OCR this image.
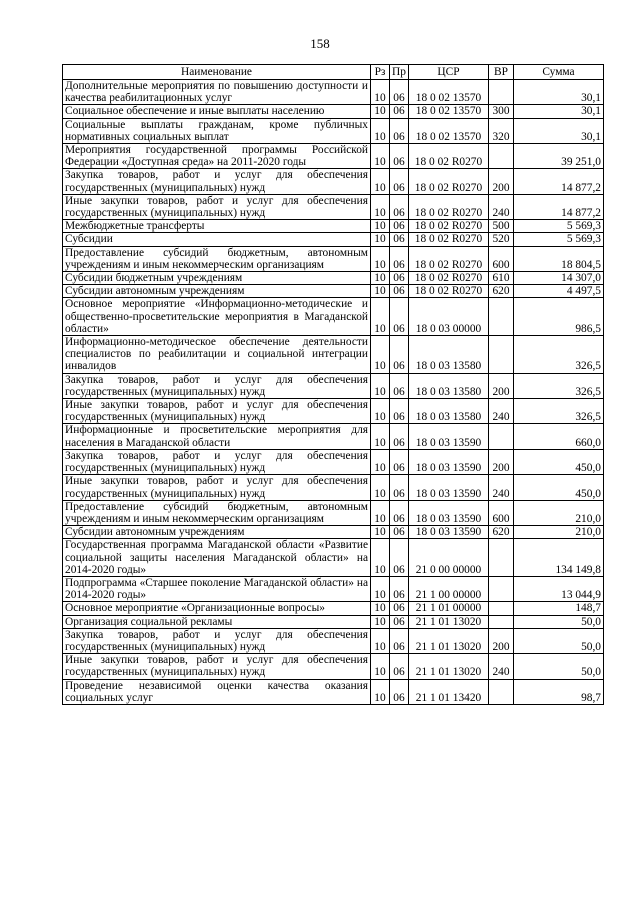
158
Наименование	Рз	Пр	ЦСР	ВР	Сумма
Дополнительные мероприятия по повышению доступности и качества реабилитационных услуг	10	06	18 0 02 13570		30,1
Социальное обеспечение и иные выплаты населению	10	06	18 0 02 13570	300	30,1
Социальные выплаты гражданам, кроме публичных нормативных социальных выплат	10	06	18 0 02 13570	320	30,1
Мероприятия государственной программы Российской Федерации «Доступная среда» на 2011-2020 годы	10	06	18 0 02 R0270		39 251,0
Закупка товаров, работ и услуг для обеспечения государственных (муниципальных) нужд	10	06	18 0 02 R0270	200	14 877,2
Иные закупки товаров, работ и услуг для обеспечения государственных (муниципальных) нужд	10	06	18 0 02 R0270	240	14 877,2
Межбюджетные трансферты	10	06	18 0 02 R0270	500	5 569,3
Субсидии	10	06	18 0 02 R0270	520	5 569,3
Предоставление субсидий бюджетным, автономным учреждениям и иным некоммерческим организациям	10	06	18 0 02 R0270	600	18 804,5
Субсидии бюджетным учреждениям	10	06	18 0 02 R0270	610	14 307,0
Субсидии автономным учреждениям	10	06	18 0 02 R0270	620	4 497,5
Основное мероприятие «Информационно-методические и общественно-просветительские мероприятия в Магаданской области»	10	06	18 0 03 00000		986,5
Информационно-методическое обеспечение деятельности специалистов по реабилитации и социальной интеграции инвалидов	10	06	18 0 03 13580		326,5
Закупка товаров, работ и услуг для обеспечения государственных (муниципальных) нужд	10	06	18 0 03 13580	200	326,5
Иные закупки товаров, работ и услуг для обеспечения государственных (муниципальных) нужд	10	06	18 0 03 13580	240	326,5
Информационные и просветительские мероприятия для населения в Магаданской области	10	06	18 0 03 13590		660,0
Закупка товаров, работ и услуг для обеспечения государственных (муниципальных) нужд	10	06	18 0 03 13590	200	450,0
Иные закупки товаров, работ и услуг для обеспечения государственных (муниципальных) нужд	10	06	18 0 03 13590	240	450,0
Предоставление субсидий бюджетным, автономным учреждениям и иным некоммерческим организациям	10	06	18 0 03 13590	600	210,0
Субсидии автономным учреждениям	10	06	18 0 03 13590	620	210,0
Государственная программа Магаданской области «Развитие социальной защиты населения Магаданской области» на 2014-2020 годы»	10	06	21 0 00 00000		134 149,8
Подпрограмма «Старшее поколение Магаданской области» на 2014-2020 годы»	10	06	21 1 00 00000		13 044,9
Основное мероприятие «Организационные вопросы»	10	06	21 1 01 00000		148,7
Организация социальной рекламы	10	06	21 1 01 13020		50,0
Закупка товаров, работ и услуг для обеспечения государственных (муниципальных) нужд	10	06	21 1 01 13020	200	50,0
Иные закупки товаров, работ и услуг для обеспечения государственных (муниципальных) нужд	10	06	21 1 01 13020	240	50,0
Проведение независимой оценки качества оказания социальных услуг	10	06	21 1 01 13420		98,7
